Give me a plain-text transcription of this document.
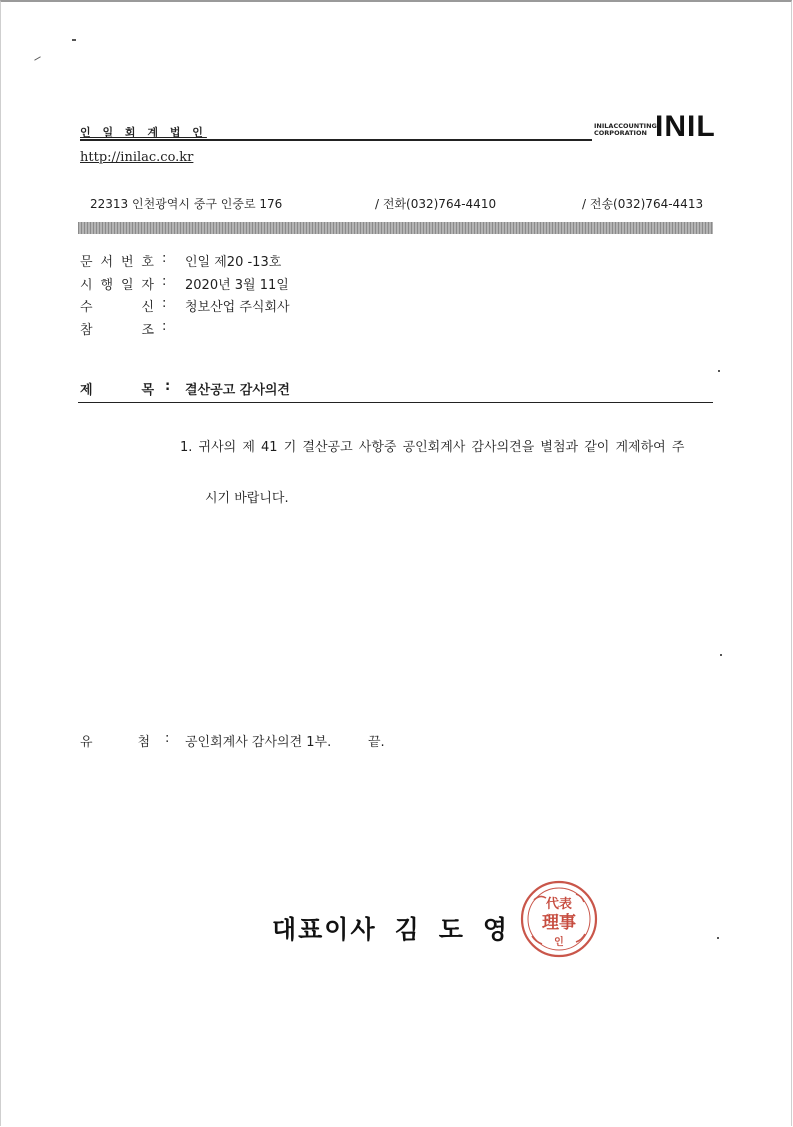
인 일 회 계 법 인	INILACCOUNTING
CORPORATION INIL
http://inilac.co.kr
22313 인천광역시 중구 인중로 176	/ 전화(032)764-4410	/ 전송(032)764-4413
문 서 번 호 : 인일 제20 -13호
시 행 일 자 : 2020년 3월 11일
수	신 : 청보산업 주식회사
참	조 :
제	목 : 결산공고 감사의견
1. 귀사의 제 41 기 결산공고 사항중 공인회계사 감사의견을 별첨과 같이 게제하여 주
시기 바랍니다.
유	첨 : 공인회계사 감사의견 1부.	끝.
대표이사 김도영
代表
理事
인
